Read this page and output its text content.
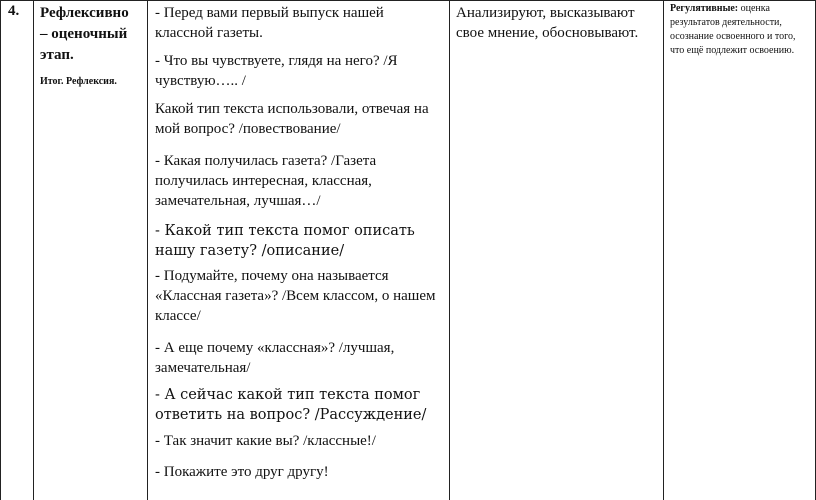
4. Рефлексивно – оценочный этап.
Итог. Рефлексия.

- Перед вами первый выпуск нашей классной газеты.

- Что вы чувствуете, глядя на него? /Я чувствую….. /

Какой тип текста использовали, отвечая на мой вопрос? /повествование/

- Какая получилась газета? /Газета получилась интересная, классная, замечательная, лучшая…/

- Какой тип текста помог описать нашу газету? /описание/

- Подумайте, почему она называется «Классная газета»? /Всем классом, о нашем классе/

- А еще почему «классная»? /лучшая, замечательная/

- А сейчас какой тип текста помог ответить на вопрос? /Рассуждение/

- Так значит какие вы? /классные!/

- Покажите это друг другу!

Анализируют, высказывают свое мнение, обосновывают.
Регулятивные: оценка результатов деятельности, осознание освоенного и того, что ещё подлежит освоению.
